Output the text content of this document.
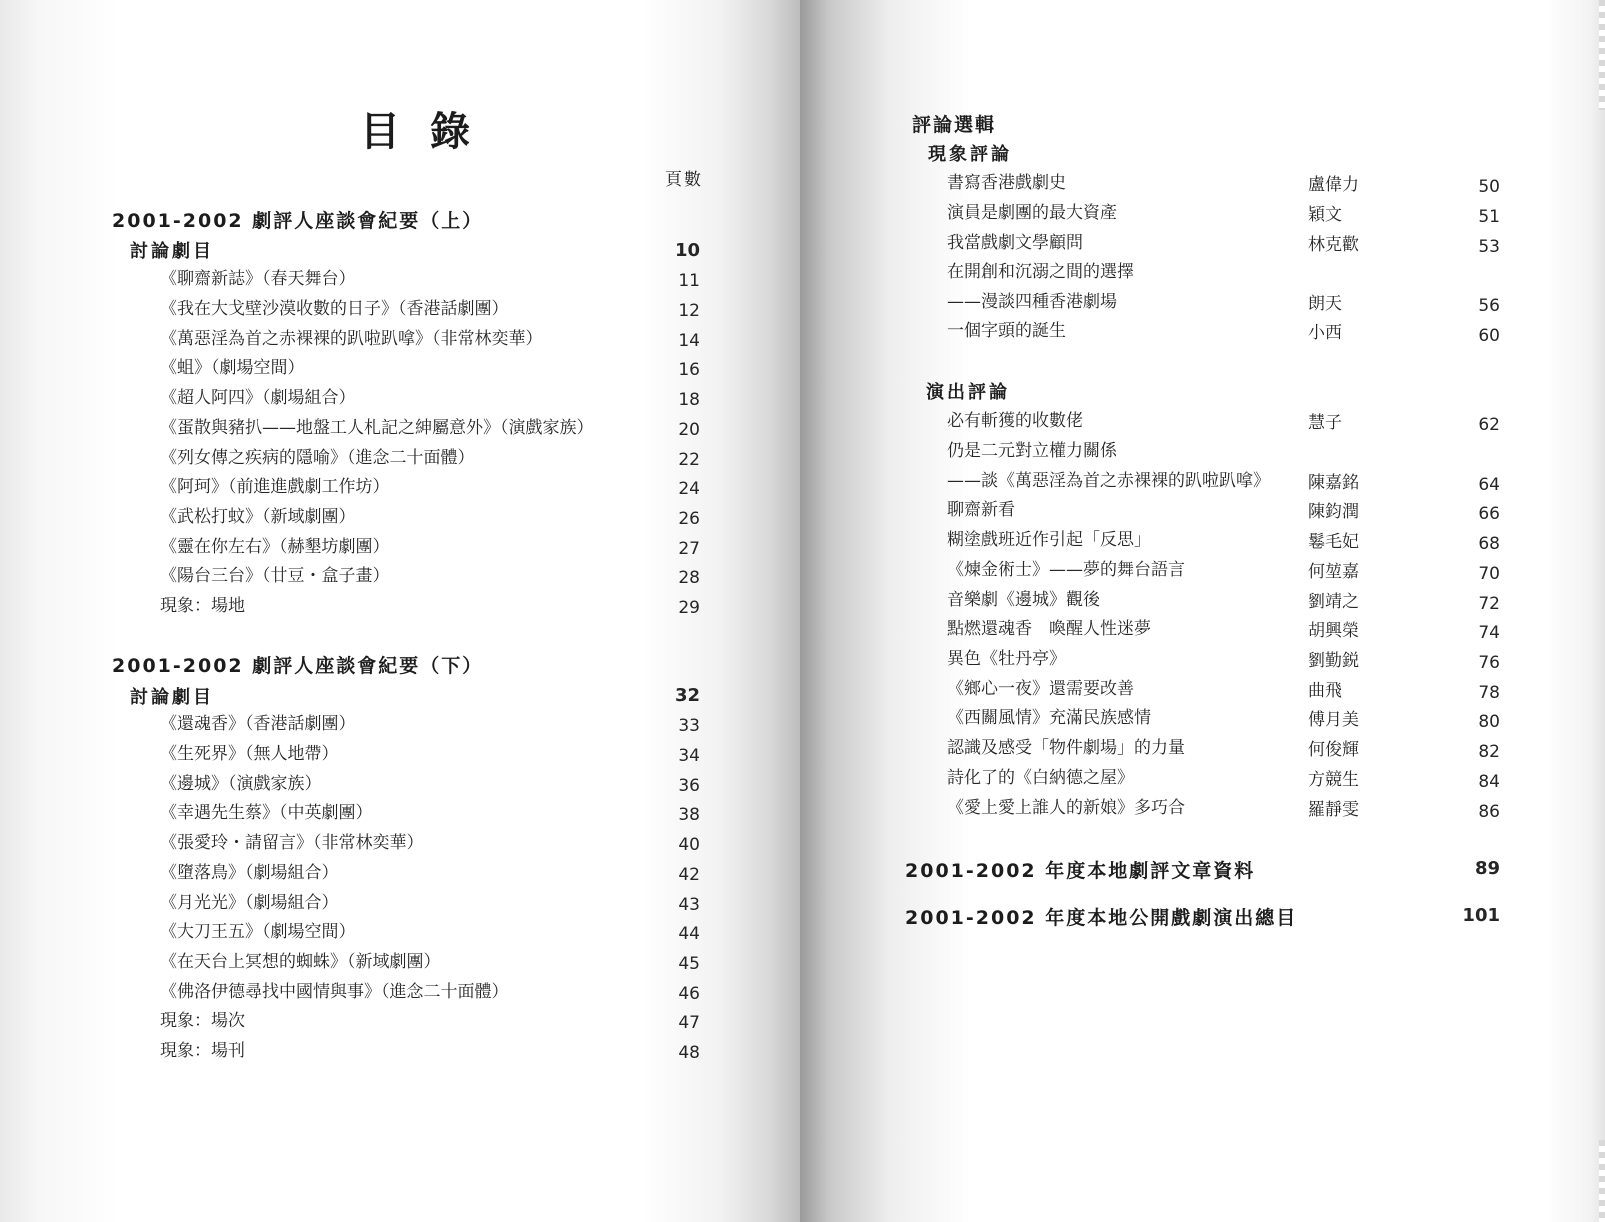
目錄
頁數
2001-2002 劇評人座談會紀要（上）
討論劇目	10
《聊齋新誌》（春天舞台）	11
《我在大戈壁沙漠收數的日子》（香港話劇團）	12
《萬惡淫為首之赤裸裸的趴啦趴嗱》（非常林奕華）	14
《蛆》（劇場空間）	16
《超人阿四》（劇場組合）	18
《蛋散與豬扒——地盤工人札記之紳屬意外》（演戲家族）	20
《列女傳之疾病的隱喻》（進念二十面體）	22
《阿珂》（前進進戲劇工作坊）	24
《武松打蚊》（新域劇團）	26
《靈在你左右》（赫墾坊劇團）	27
《陽台三台》（廿豆・盒子畫）	28
現象：場地	29
2001-2002 劇評人座談會紀要（下）
討論劇目	32
《還魂香》（香港話劇團）	33
《生死界》（無人地帶）	34
《邊城》（演戲家族）	36
《幸遇先生蔡》（中英劇團）	38
《張愛玲・請留言》（非常林奕華）	40
《墮落鳥》（劇場組合）	42
《月光光》（劇場組合）	43
《大刀王五》（劇場空間）	44
《在天台上冥想的蜘蛛》（新域劇團）	45
《佛洛伊德尋找中國情與事》（進念二十面體）	46
現象：場次	47
現象：場刊	48
評論選輯
現象評論
書寫香港戲劇史	盧偉力	50
演員是劇團的最大資產	穎文	51
我當戲劇文學顧問	林克歡	53
在開創和沉溺之間的選擇
——漫談四種香港劇場	朗天	56
一個字頭的誕生	小西	60
演出評論
必有斬獲的收數佬	慧子	62
仍是二元對立權力關係
——談《萬惡淫為首之赤裸裸的趴啦趴嗱》 陳嘉銘	64
聊齋新看	陳鈞潤	66
糊塗戲班近作引起「反思」	鬈毛妃	68
《煉金術士》——夢的舞台語言	何堃嘉	70
音樂劇《邊城》觀後	劉靖之	72
點燃還魂香　喚醒人性迷夢	胡興榮	74
異色《牡丹亭》	劉勤鋭	76
《鄉心一夜》還需要改善	曲飛	78
《西關風情》充滿民族感情	傅月美	80
認識及感受「物件劇場」的力量	何俊輝	82
詩化了的《白納德之屋》	方競生	84
《愛上愛上誰人的新娘》多巧合	羅靜雯	86
2001-2002 年度本地劇評文章資料	89
2001-2002 年度本地公開戲劇演出總目	101
